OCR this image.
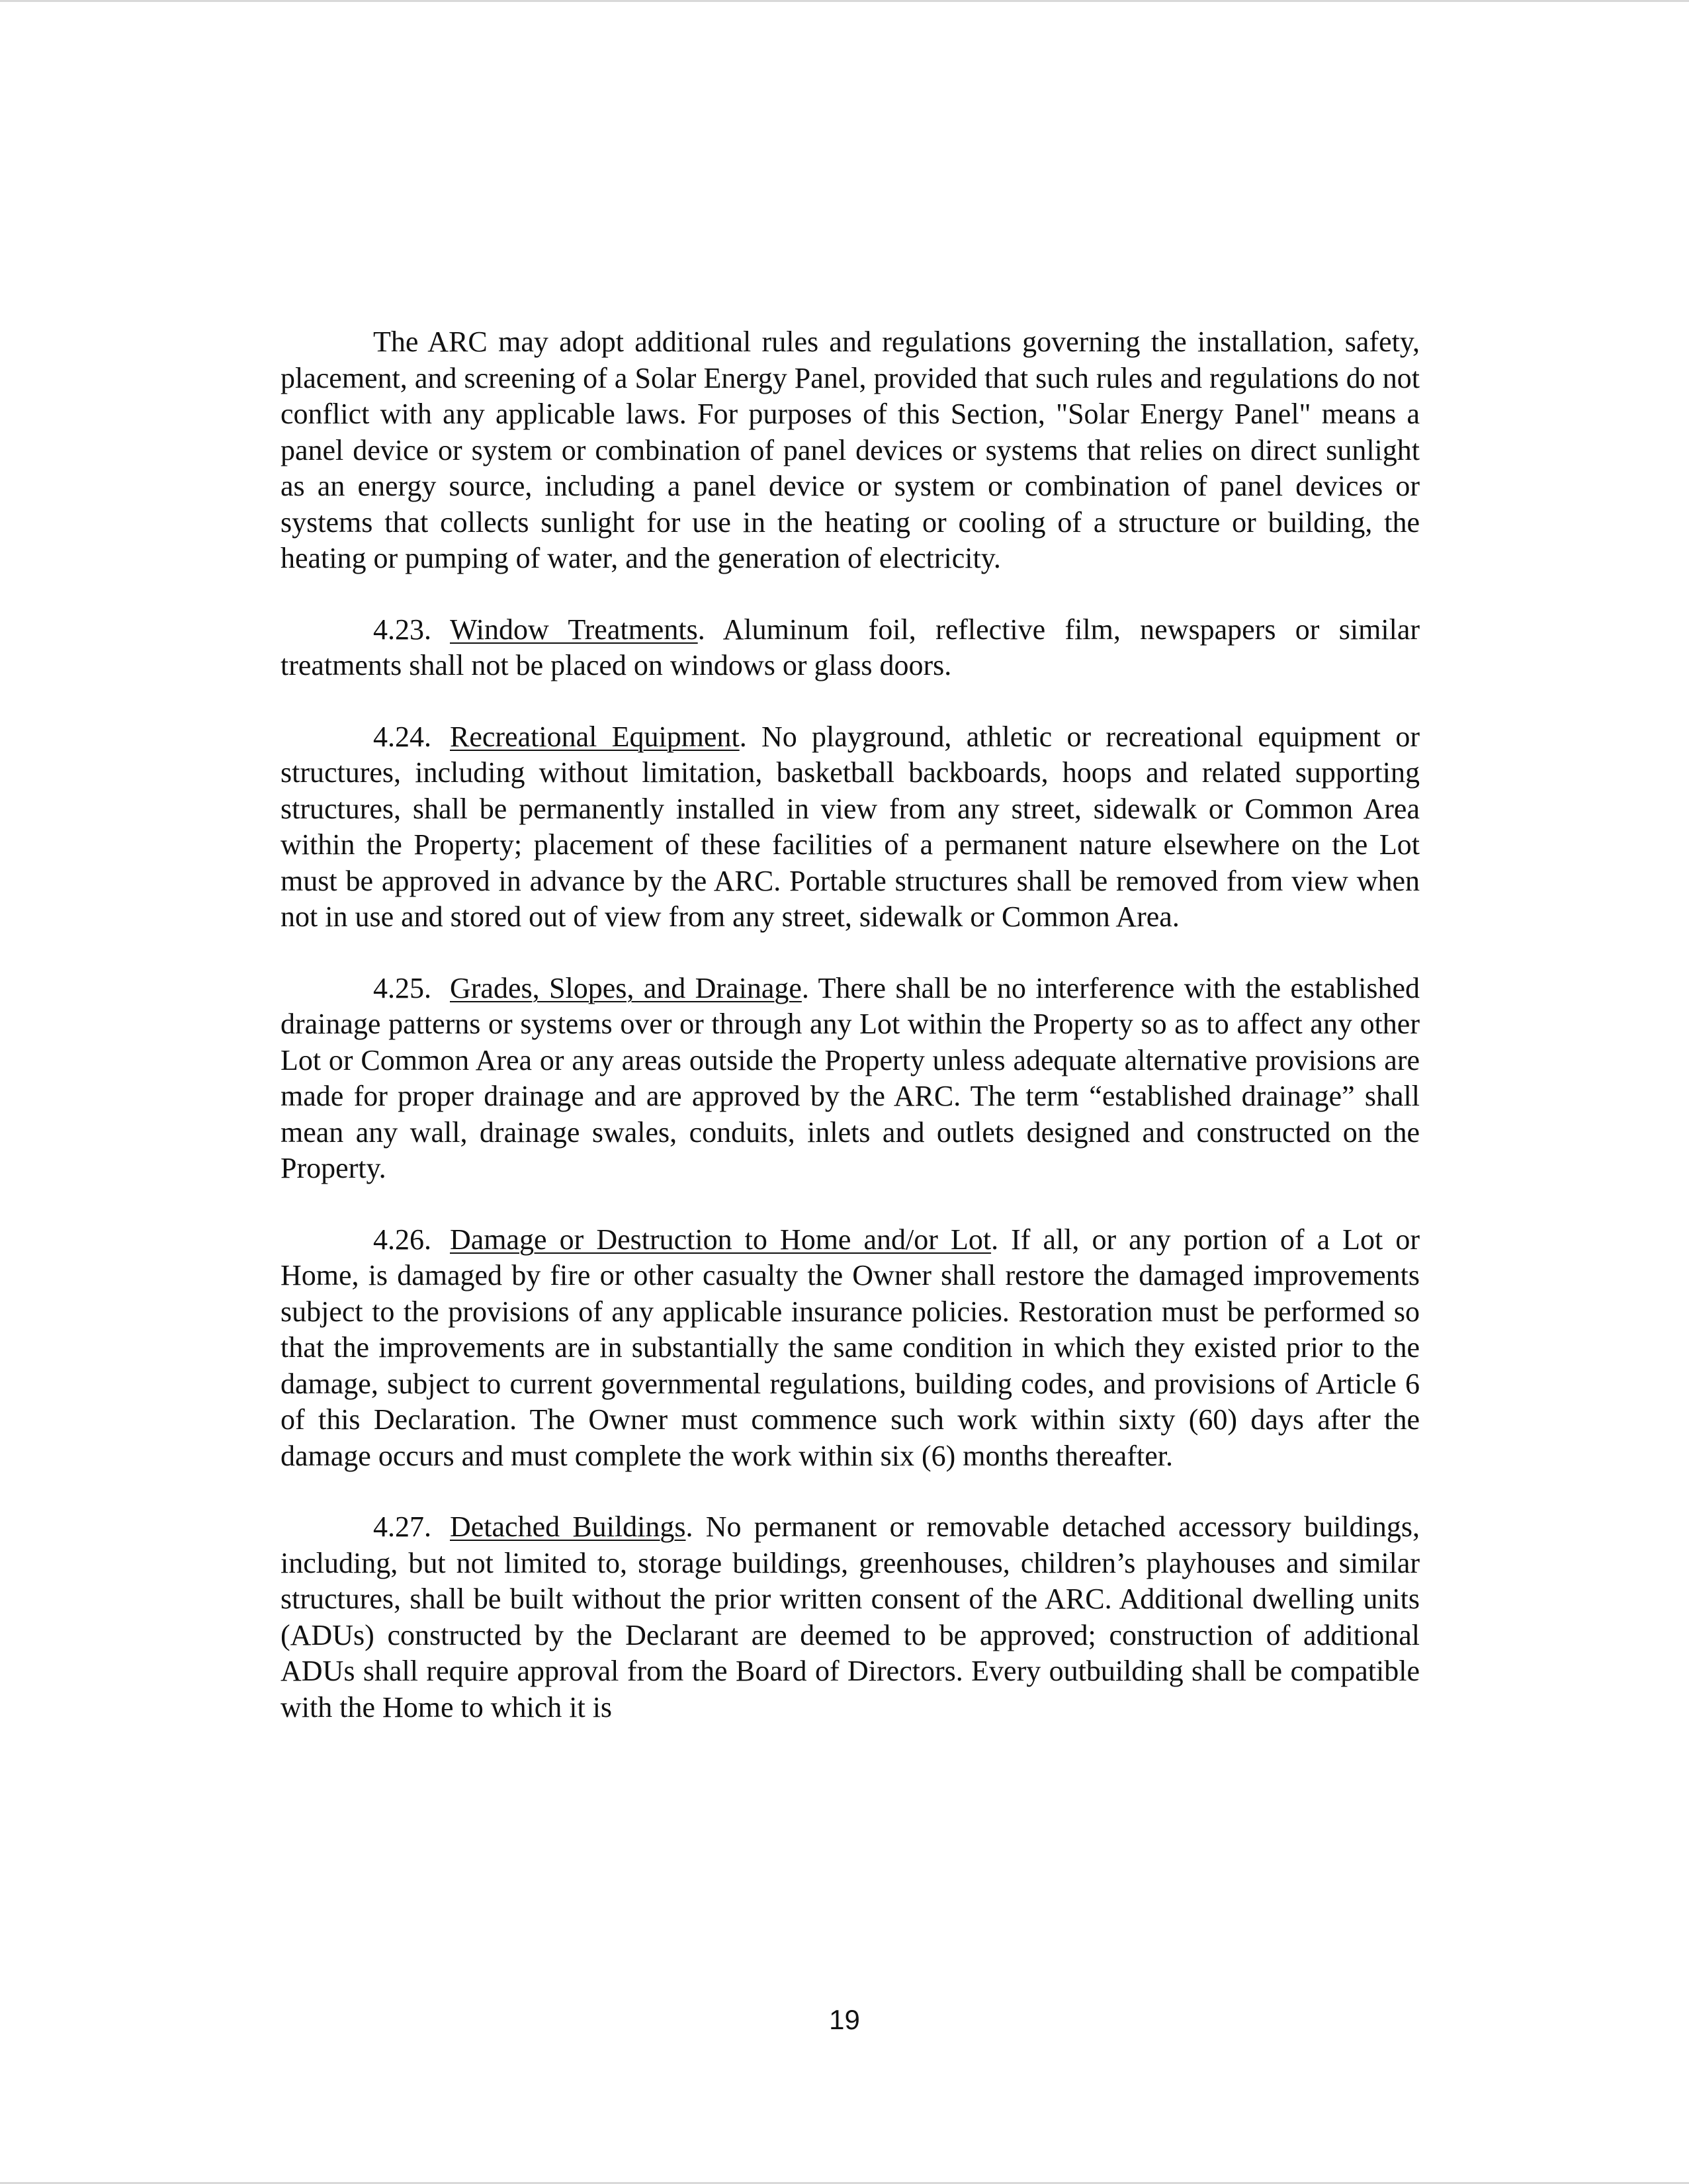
The ARC may adopt additional rules and regulations governing the installation, safety, placement, and screening of a Solar Energy Panel, provided that such rules and regulations do not conflict with any applicable laws. For purposes of this Section, "Solar Energy Panel" means a panel device or system or combination of panel devices or systems that relies on direct sunlight as an energy source, including a panel device or system or combination of panel devices or systems that collects sunlight for use in the heating or cooling of a structure or building, the heating or pumping of water, and the generation of electricity.

4.23. Window Treatments. Aluminum foil, reflective film, newspapers or similar treatments shall not be placed on windows or glass doors.

4.24. Recreational Equipment. No playground, athletic or recreational equipment or structures, including without limitation, basketball backboards, hoops and related supporting structures, shall be permanently installed in view from any street, sidewalk or Common Area within the Property; placement of these facilities of a permanent nature elsewhere on the Lot must be approved in advance by the ARC. Portable structures shall be removed from view when not in use and stored out of view from any street, sidewalk or Common Area.

4.25. Grades, Slopes, and Drainage. There shall be no interference with the established drainage patterns or systems over or through any Lot within the Property so as to affect any other Lot or Common Area or any areas outside the Property unless adequate alternative provisions are made for proper drainage and are approved by the ARC. The term “established drainage” shall mean any wall, drainage swales, conduits, inlets and outlets designed and constructed on the Property.

4.26. Damage or Destruction to Home and/or Lot. If all, or any portion of a Lot or Home, is damaged by fire or other casualty the Owner shall restore the damaged improvements subject to the provisions of any applicable insurance policies. Restoration must be performed so that the improvements are in substantially the same condition in which they existed prior to the damage, subject to current governmental regulations, building codes, and provisions of Article 6 of this Declaration. The Owner must commence such work within sixty (60) days after the damage occurs and must complete the work within six (6) months thereafter.

4.27. Detached Buildings. No permanent or removable detached accessory buildings, including, but not limited to, storage buildings, greenhouses, children’s playhouses and similar structures, shall be built without the prior written consent of the ARC. Additional dwelling units (ADUs) constructed by the Declarant are deemed to be approved; construction of additional ADUs shall require approval from the Board of Directors. Every outbuilding shall be compatible with the Home to which it is

19
